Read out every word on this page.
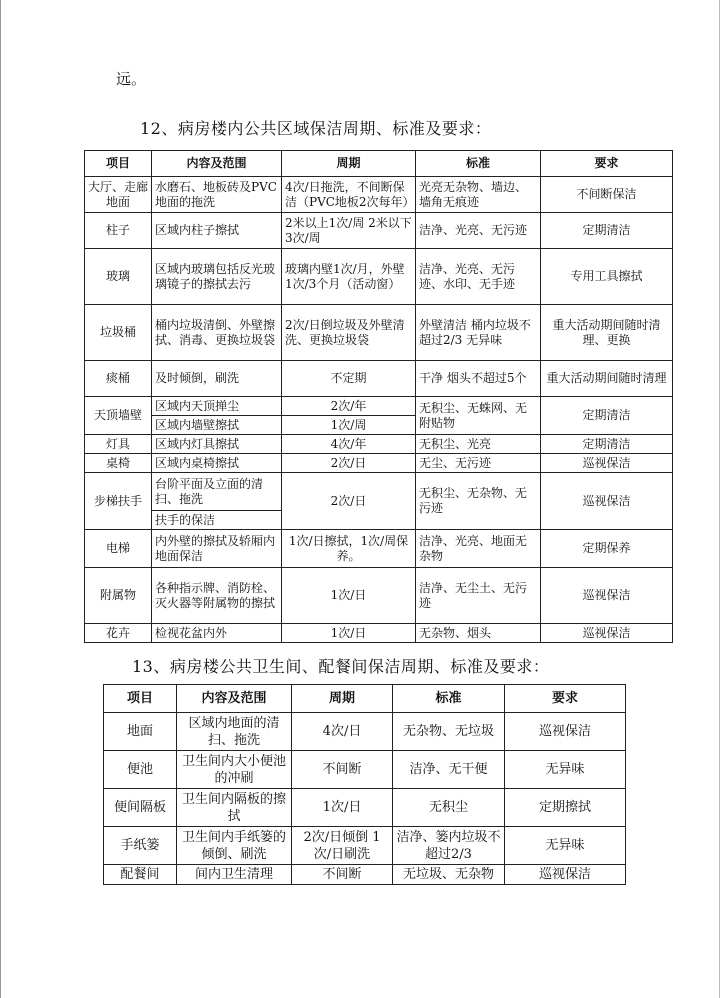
远。
12、病房楼内公共区域保洁周期、标准及要求：
项目	内容及范围	周期	标准	要求
大厅、走廊地面	水磨石、地板砖及PVC地面的拖洗	4次/日拖洗，不间断保洁（PVC地板2次每年）	光亮无杂物、墙边、墙角无痕迹	不间断保洁
柱子	区域内柱子擦拭	2米以上1次/周 2米以下3次/周	洁净、光亮、无污迹	定期清洁
玻璃	区域内玻璃包括反光玻璃镜子的擦拭去污	玻璃内壁1次/月，外壁1次/3个月（活动窗）	洁净、光亮、无污迹、水印、无手迹	专用工具擦拭
垃圾桶	桶内垃圾清倒、外壁擦拭、消毒、更换垃圾袋	2次/日倒垃圾及外壁清洗、更换垃圾袋	外壁清洁 桶内垃圾不超过2/3 无异味	重大活动期间随时清理、更换
痰桶	及时倾倒，刷洗	不定期	干净 烟头不超过5个	重大活动期间随时清理
天顶墙壁	区域内天顶掸尘	2次/年	无积尘、无蛛网、无附贴物	定期清洁
	区域内墙壁擦拭	1次/周		
灯具	区域内灯具擦拭	4次/年	无积尘、光亮	定期清洁
桌椅	区域内桌椅擦拭	2次/日	无尘、无污迹	巡视保洁
步梯扶手	台阶平面及立面的清扫、拖洗	2次/日	无积尘、无杂物、无污迹	巡视保洁
	扶手的保洁			
电梯	内外壁的擦拭及轿厢内地面保洁	1次/日擦拭，1次/周保养。	洁净、光亮、地面无杂物	定期保养
附属物	各种指示牌、消防栓、灭火器等附属物的擦拭	1次/日	洁净、无尘土、无污迹	巡视保洁
花卉	检视花盆内外	1次/日	无杂物、烟头	巡视保洁
13、病房楼公共卫生间、配餐间保洁周期、标准及要求：
项目	内容及范围	周期	标准	要求
地面	区域内地面的清扫、拖洗	4次/日	无杂物、无垃圾	巡视保洁
便池	卫生间内大小便池的冲刷	不间断	洁净、无干便	无异味
便间隔板	卫生间内隔板的擦拭	1次/日	无积尘	定期擦拭
手纸篓	卫生间内手纸篓的倾倒、刷洗	2次/日倾倒 1次/日刷洗	洁净、篓内垃圾不超过2/3	无异味
配餐间	间内卫生清理	不间断	无垃圾、无杂物	巡视保洁
